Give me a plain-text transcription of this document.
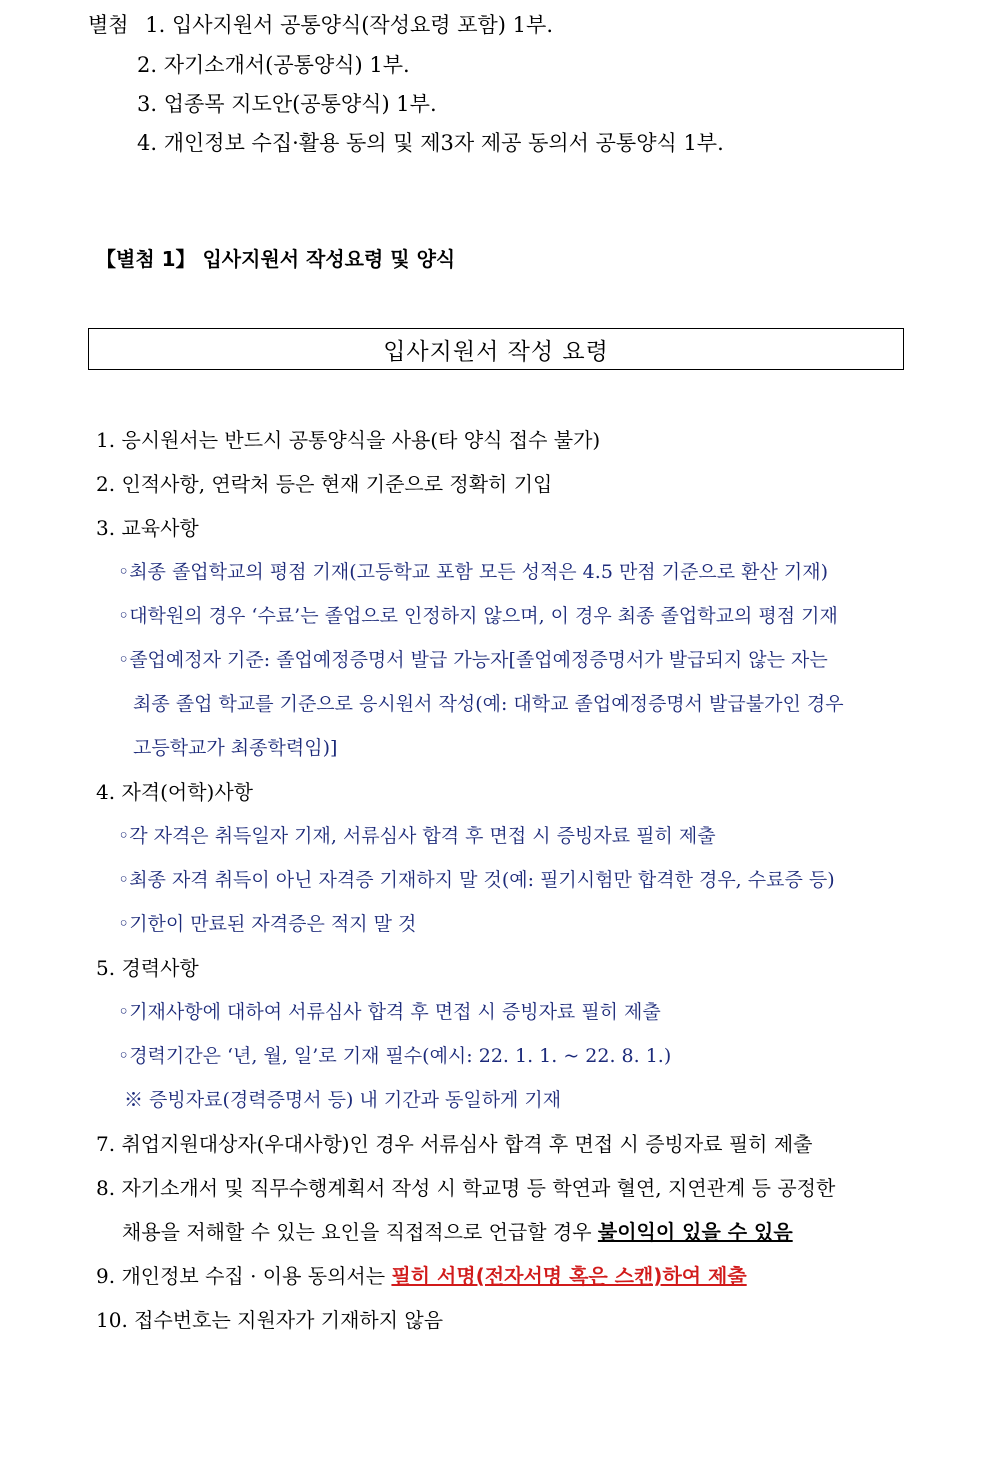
별첨 1. 입사지원서 공통양식(작성요령 포함) 1부.
2. 자기소개서(공통양식) 1부.
3. 업종목 지도안(공통양식) 1부.
4. 개인정보 수집·활용 동의 및 제3자 제공 동의서 공통양식 1부.
【별첨 1】 입사지원서 작성요령 및 양식
입사지원서 작성 요령
1. 응시원서는 반드시 공통양식을 사용(타 양식 접수 불가)
2. 인적사항, 연락처 등은 현재 기준으로 정확히 기입
3. 교육사항
◦최종 졸업학교의 평점 기재(고등학교 포함 모든 성적은 4.5 만점 기준으로 환산 기재)
◦대학원의 경우 ‘수료’는 졸업으로 인정하지 않으며, 이 경우 최종 졸업학교의 평점 기재
◦졸업예정자 기준: 졸업예정증명서 발급 가능자[졸업예정증명서가 발급되지 않는 자는
최종 졸업 학교를 기준으로 응시원서 작성(예: 대학교 졸업예정증명서 발급불가인 경우
고등학교가 최종학력임)]
4. 자격(어학)사항
◦각 자격은 취득일자 기재, 서류심사 합격 후 면접 시 증빙자료 필히 제출
◦최종 자격 취득이 아닌 자격증 기재하지 말 것(예: 필기시험만 합격한 경우, 수료증 등)
◦기한이 만료된 자격증은 적지 말 것
5. 경력사항
◦기재사항에 대하여 서류심사 합격 후 면접 시 증빙자료 필히 제출
◦경력기간은 ‘년, 월, 일’로 기재 필수(예시: 22. 1. 1. ~ 22. 8. 1.)
※ 증빙자료(경력증명서 등) 내 기간과 동일하게 기재
7. 취업지원대상자(우대사항)인 경우 서류심사 합격 후 면접 시 증빙자료 필히 제출
8. 자기소개서 및 직무수행계획서 작성 시 학교명 등 학연과 혈연, 지연관계 등 공정한
채용을 저해할 수 있는 요인을 직접적으로 언급할 경우 불이익이 있을 수 있음
9. 개인정보 수집 · 이용 동의서는 필히 서명(전자서명 혹은 스캔)하여 제출
10. 접수번호는 지원자가 기재하지 않음
